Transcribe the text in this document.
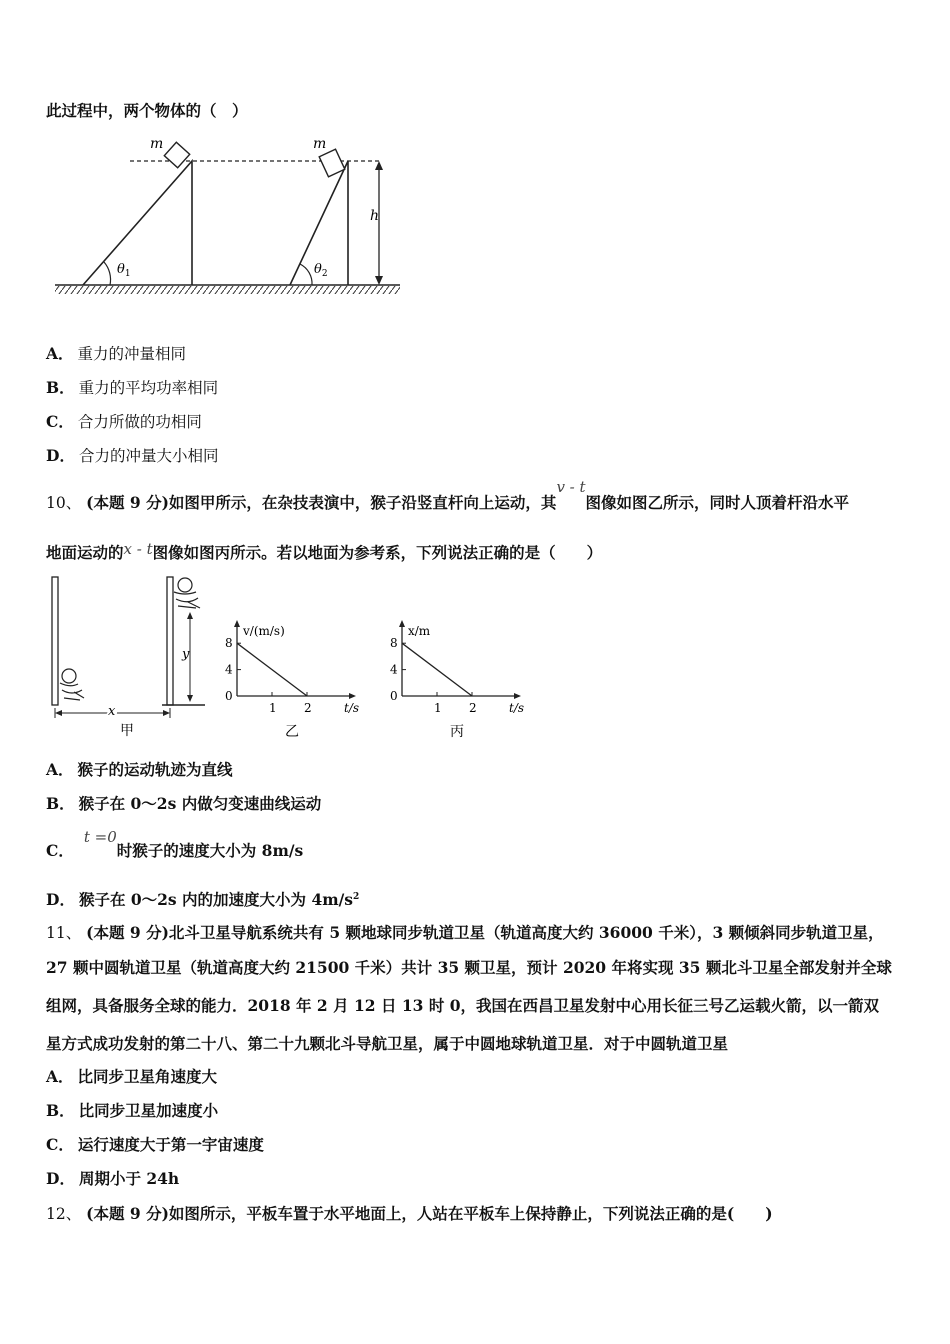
此过程中，两个物体的（　）
m
$\theta_1$
m
$\theta_2$
h
A． 重力的冲量相同
B． 重力的平均功率相同
C． 合力所做的功相同
D． 合力的冲量大小相同
10、 (本题 9 分)如图甲所示，在杂技表演中，猴子沿竖直杆向上运动，其v - t图像如图乙所示，同时人顶着杆沿水平
地面运动的x - t图像如图丙所示。若以地面为参考系，下列说法正确的是（　　）
y
x
甲
v/(m/s)
t/s
0
4
8
1 2
乙
x/m
t/s
0
4
8
1 2
丙
A． 猴子的运动轨迹为直线
B． 猴子在 0～2s 内做匀变速曲线运动
C．t =0时猴子的速度大小为 8m/s
D． 猴子在 0～2s 内的加速度大小为 $4m/s^2$
11、 (本题 9 分)北斗卫星导航系统共有 5 颗地球同步轨道卫星（轨道高度大约 36000 千米），3 颗倾斜同步轨道卫星，
27 颗中圆轨道卫星（轨道高度大约 21500 千米）共计 35 颗卫星，预计 2020 年将实现 35 颗北斗卫星全部发射并全球
组网，具备服务全球的能力．2018 年 2 月 12 日 13 时 0，我国在西昌卫星发射中心用长征三号乙运载火箭，以一箭双
星方式成功发射的第二十八、第二十九颗北斗导航卫星，属于中圆地球轨道卫星．对于中圆轨道卫星
A． 比同步卫星角速度大
B． 比同步卫星加速度小
C． 运行速度大于第一宇宙速度
D． 周期小于 24h
12、 (本题 9 分)如图所示，平板车置于水平地面上，人站在平板车上保持静止，下列说法正确的是(　　)
